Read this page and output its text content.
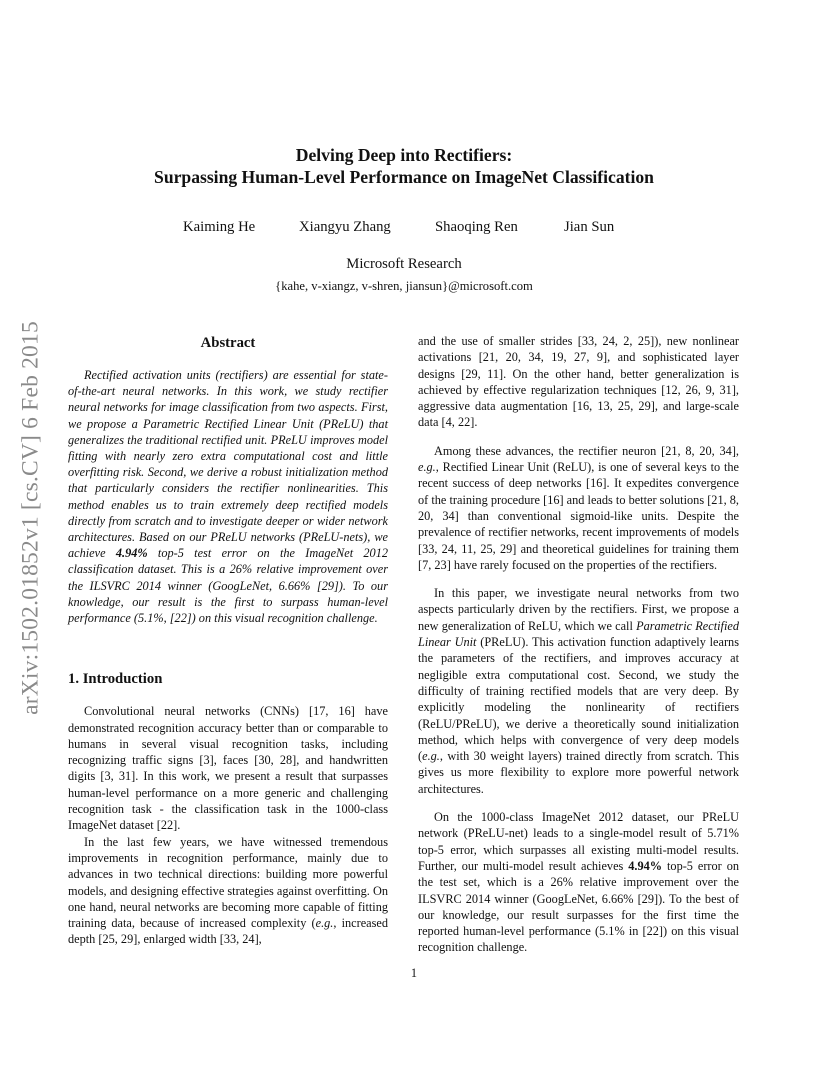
arXiv:1502.01852v1 [cs.CV] 6 Feb 2015
Delving Deep into Rectifiers:
Surpassing Human-Level Performance on ImageNet Classification
Kaiming He	Xiangyu Zhang	Shaoqing Ren	Jian Sun
Microsoft Research
{kahe, v-xiangz, v-shren, jiansun}@microsoft.com
Abstract

Rectified activation units (rectifiers) are essential for state-of-the-art neural networks. In this work, we study rectifier neural networks for image classification from two aspects. First, we propose a Parametric Rectified Linear Unit (PReLU) that generalizes the traditional rectified unit. PReLU improves model fitting with nearly zero extra computational cost and little overfitting risk. Second, we derive a robust initialization method that particularly considers the rectifier nonlinearities. This method enables us to train extremely deep rectified models directly from scratch and to investigate deeper or wider network architectures. Based on our PReLU networks (PReLU-nets), we achieve 4.94% top-5 test error on the ImageNet 2012 classification dataset. This is a 26% relative improvement over the ILSVRC 2014 winner (GoogLeNet, 6.66% [29]). To our knowledge, our result is the first to surpass human-level performance (5.1%, [22]) on this visual recognition challenge.

1. Introduction

Convolutional neural networks (CNNs) [17, 16] have demonstrated recognition accuracy better than or comparable to humans in several visual recognition tasks, including recognizing traffic signs [3], faces [30, 28], and handwritten digits [3, 31]. In this work, we present a result that surpasses human-level performance on a more generic and challenging recognition task - the classification task in the 1000-class ImageNet dataset [22].

In the last few years, we have witnessed tremendous improvements in recognition performance, mainly due to advances in two technical directions: building more powerful models, and designing effective strategies against overfitting. On one hand, neural networks are becoming more capable of fitting training data, because of increased complexity (e.g., increased depth [25, 29], enlarged width [33, 24],

and the use of smaller strides [33, 24, 2, 25]), new nonlinear activations [21, 20, 34, 19, 27, 9], and sophisticated layer designs [29, 11]. On the other hand, better generalization is achieved by effective regularization techniques [12, 26, 9, 31], aggressive data augmentation [16, 13, 25, 29], and large-scale data [4, 22].

Among these advances, the rectifier neuron [21, 8, 20, 34], e.g., Rectified Linear Unit (ReLU), is one of several keys to the recent success of deep networks [16]. It expedites convergence of the training procedure [16] and leads to better solutions [21, 8, 20, 34] than conventional sigmoid-like units. Despite the prevalence of rectifier networks, recent improvements of models [33, 24, 11, 25, 29] and theoretical guidelines for training them [7, 23] have rarely focused on the properties of the rectifiers.

In this paper, we investigate neural networks from two aspects particularly driven by the rectifiers. First, we propose a new generalization of ReLU, which we call Parametric Rectified Linear Unit (PReLU). This activation function adaptively learns the parameters of the rectifiers, and improves accuracy at negligible extra computational cost. Second, we study the difficulty of training rectified models that are very deep. By explicitly modeling the nonlinearity of rectifiers (ReLU/PReLU), we derive a theoretically sound initialization method, which helps with convergence of very deep models (e.g., with 30 weight layers) trained directly from scratch. This gives us more flexibility to explore more powerful network architectures.

On the 1000-class ImageNet 2012 dataset, our PReLU network (PReLU-net) leads to a single-model result of 5.71% top-5 error, which surpasses all existing multi-model results. Further, our multi-model result achieves 4.94% top-5 error on the test set, which is a 26% relative improvement over the ILSVRC 2014 winner (GoogLeNet, 6.66% [29]). To the best of our knowledge, our result surpasses for the first time the reported human-level performance (5.1% in [22]) on this visual recognition challenge.

1
